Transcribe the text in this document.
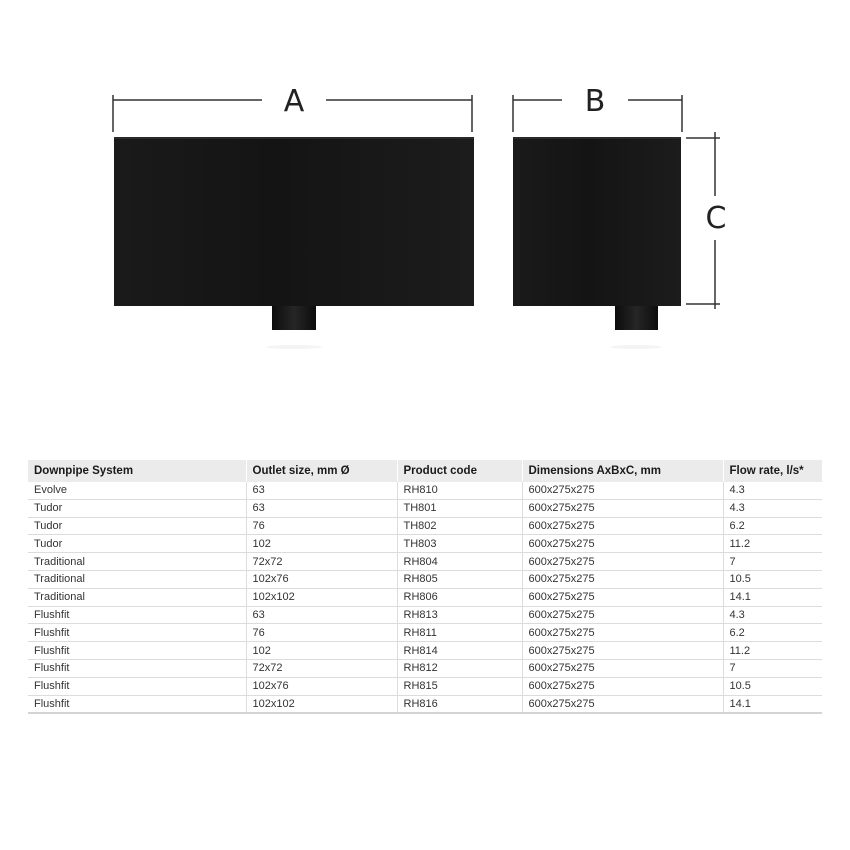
A	B
C
Downpipe System	Outlet size, mm Ø	Product code	Dimensions AxBxC, mm	Flow rate, l/s*
Evolve	63	RH810	600x275x275	4.3
Tudor	63	TH801	600x275x275	4.3
Tudor	76	TH802	600x275x275	6.2
Tudor	102	TH803	600x275x275	11.2
Traditional	72x72	RH804	600x275x275	7
Traditional	102x76	RH805	600x275x275	10.5
Traditional	102x102	RH806	600x275x275	14.1
Flushfit	63	RH813	600x275x275	4.3
Flushfit	76	RH811	600x275x275	6.2
Flushfit	102	RH814	600x275x275	11.2
Flushfit	72x72	RH812	600x275x275	7
Flushfit	102x76	RH815	600x275x275	10.5
Flushfit	102x102	RH816	600x275x275	14.1
